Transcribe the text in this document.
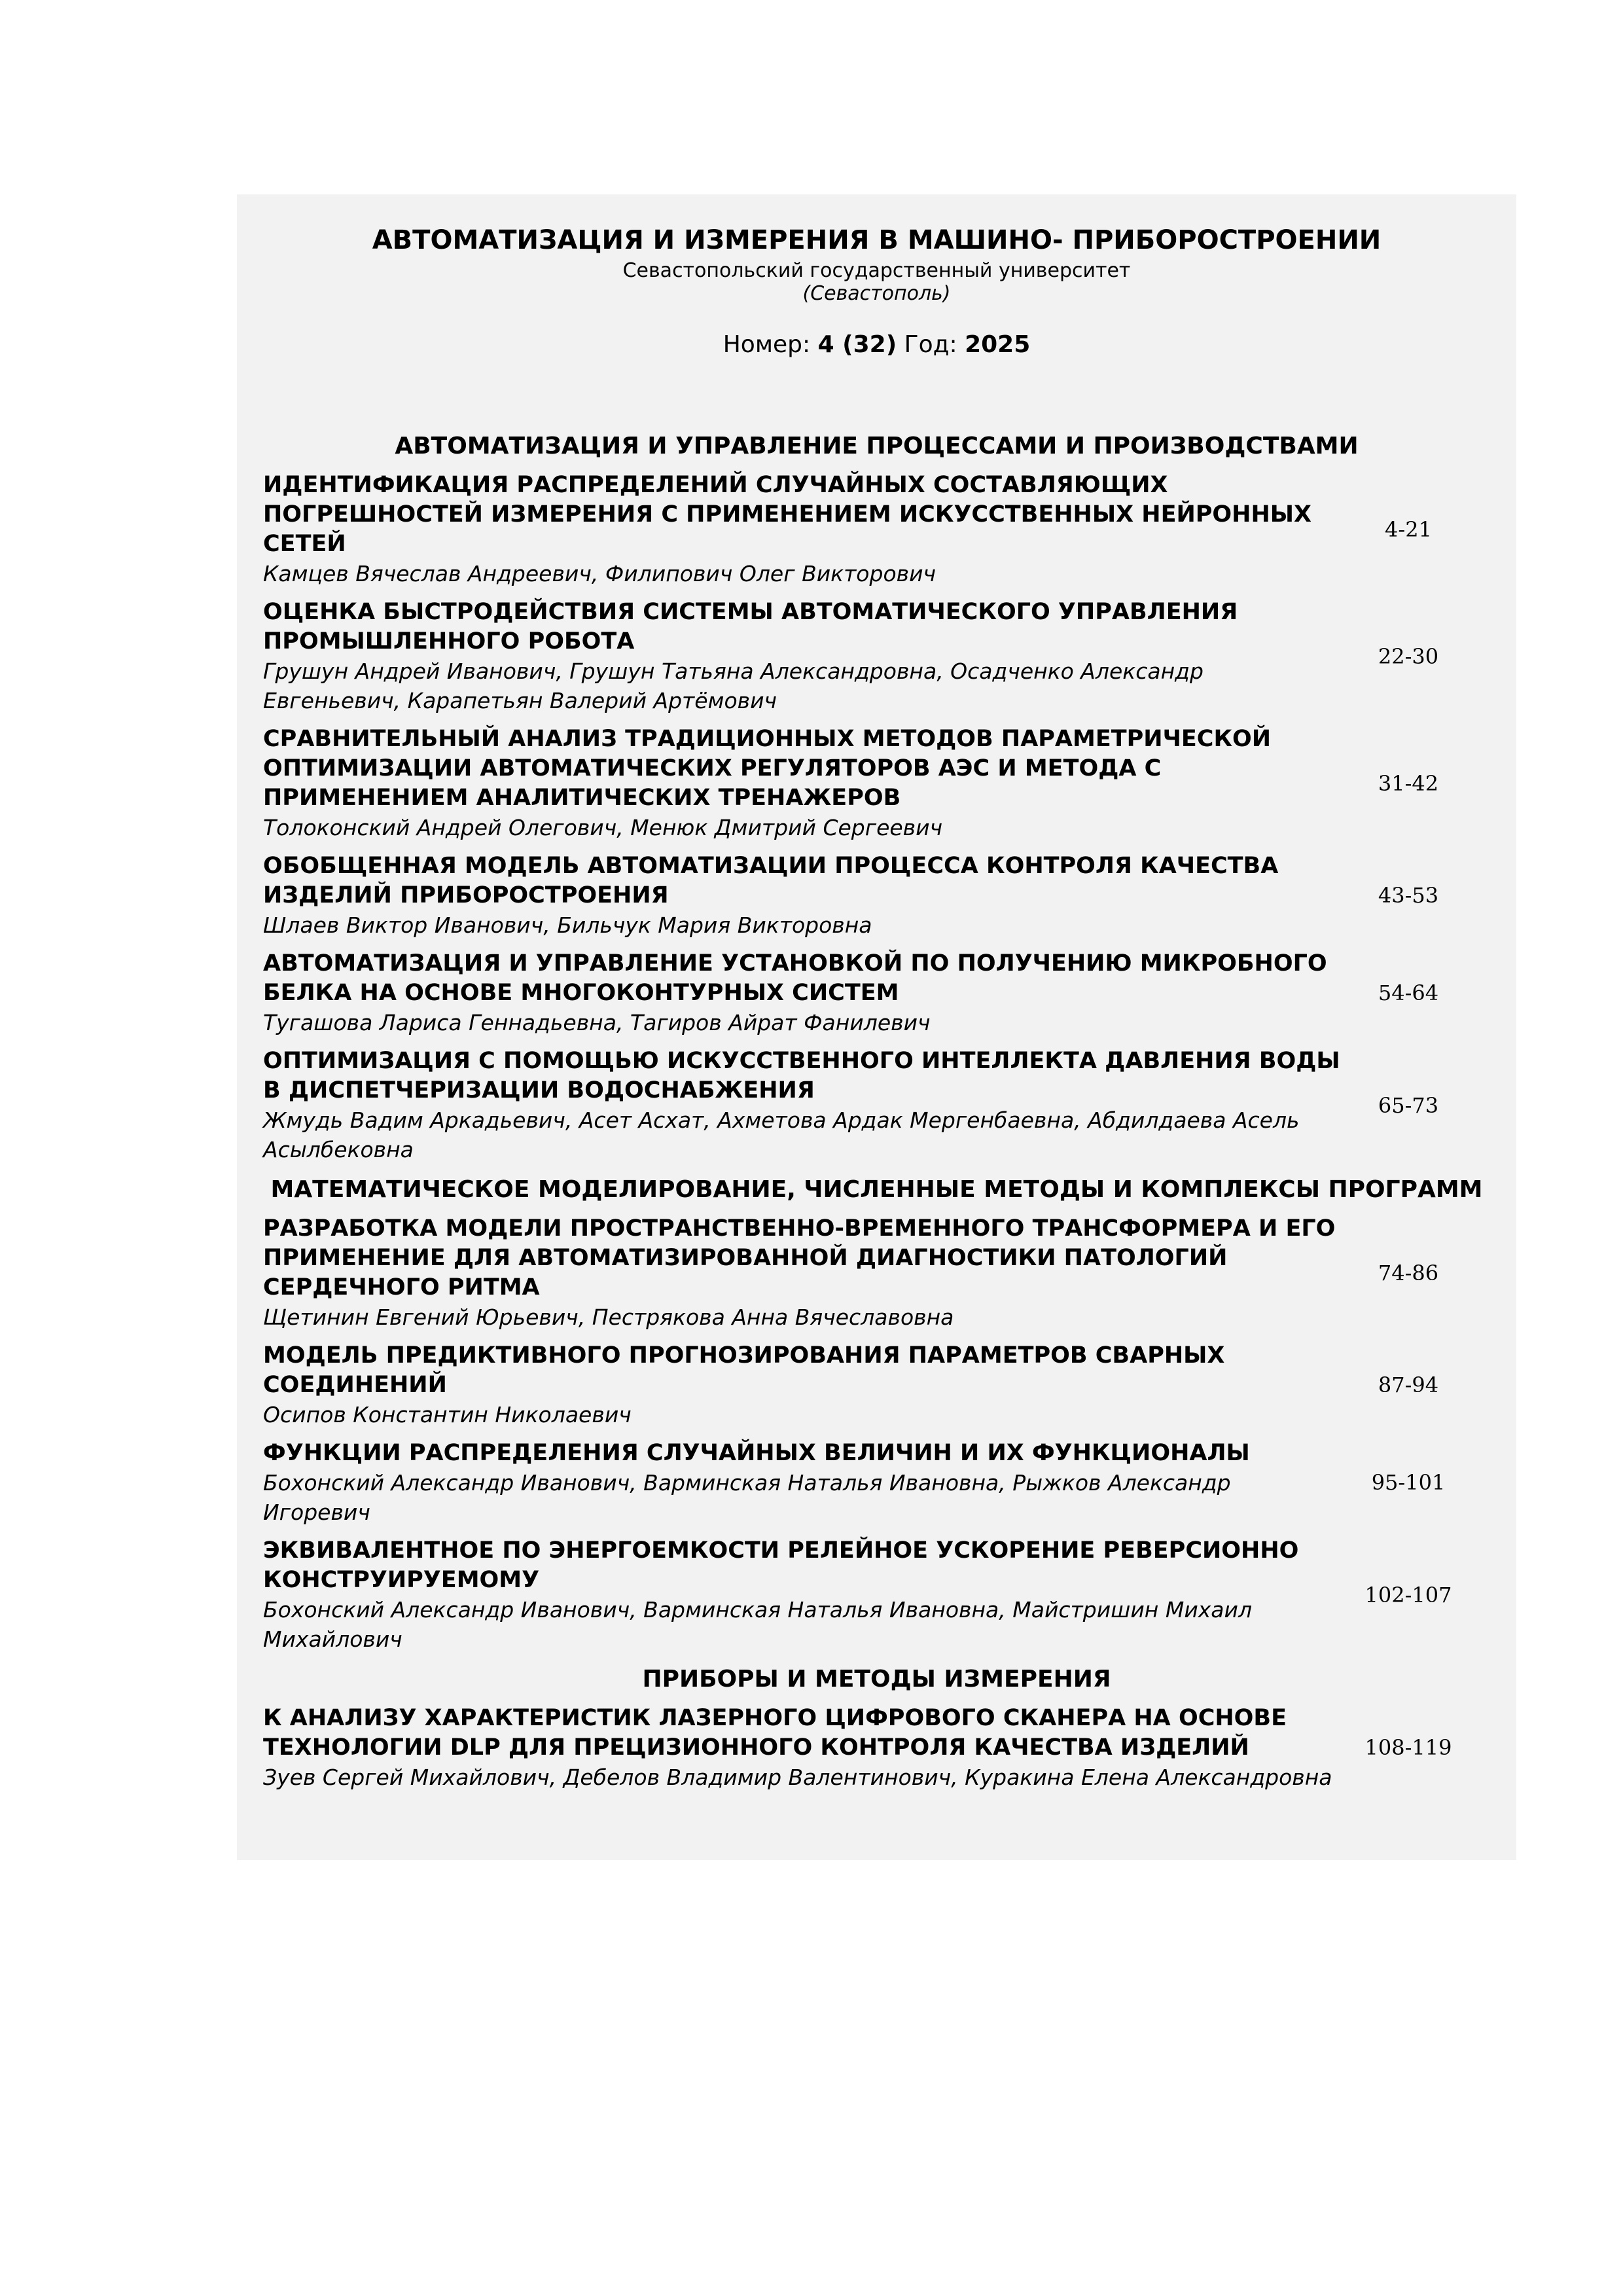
АВТОМАТИЗАЦИЯ И ИЗМЕРЕНИЯ В МАШИНО- ПРИБОРОСТРОЕНИИ
Севастопольский государственный университет
(Севастополь)
Номер: 4 (32) Год: 2025
АВТОМАТИЗАЦИЯ И УПРАВЛЕНИЕ ПРОЦЕССАМИ И ПРОИЗВОДСТВАМИ
ИДЕНТИФИКАЦИЯ РАСПРЕДЕЛЕНИЙ СЛУЧАЙНЫХ СОСТАВЛЯЮЩИХ ПОГРЕШНОСТЕЙ ИЗМЕРЕНИЯ С ПРИМЕНЕНИЕМ ИСКУССТВЕННЫХ НЕЙРОННЫХ СЕТЕЙ
Камцев Вячеслав Андреевич, Филипович Олег Викторович
4-21
ОЦЕНКА БЫСТРОДЕЙСТВИЯ СИСТЕМЫ АВТОМАТИЧЕСКОГО УПРАВЛЕНИЯ ПРОМЫШЛЕННОГО РОБОТА
Грушун Андрей Иванович, Грушун Татьяна Александровна, Осадченко Александр Евгеньевич, Карапетьян Валерий Артёмович
22-30
СРАВНИТЕЛЬНЫЙ АНАЛИЗ ТРАДИЦИОННЫХ МЕТОДОВ ПАРАМЕТРИЧЕСКОЙ ОПТИМИЗАЦИИ АВТОМАТИЧЕСКИХ РЕГУЛЯТОРОВ АЭС И МЕТОДА С ПРИМЕНЕНИЕМ АНАЛИТИЧЕСКИХ ТРЕНАЖЕРОВ
Толоконский Андрей Олегович, Менюк Дмитрий Сергеевич
31-42
ОБОБЩЕННАЯ МОДЕЛЬ АВТОМАТИЗАЦИИ ПРОЦЕССА КОНТРОЛЯ КАЧЕСТВА ИЗДЕЛИЙ ПРИБОРОСТРОЕНИЯ
Шлаев Виктор Иванович, Бильчук Мария Викторовна
43-53
АВТОМАТИЗАЦИЯ И УПРАВЛЕНИЕ УСТАНОВКОЙ ПО ПОЛУЧЕНИЮ МИКРОБНОГО БЕЛКА НА ОСНОВЕ МНОГОКОНТУРНЫХ СИСТЕМ
Тугашова Лариса Геннадьевна, Тагиров Айрат Фанилевич
54-64
ОПТИМИЗАЦИЯ С ПОМОЩЬЮ ИСКУССТВЕННОГО ИНТЕЛЛЕКТА ДАВЛЕНИЯ ВОДЫ В ДИСПЕТЧЕРИЗАЦИИ ВОДОСНАБЖЕНИЯ
Жмудь Вадим Аркадьевич, Асет Асхат, Ахметова Ардак Мергенбаевна, Абдилдаева Асель Асылбековна
65-73
МАТЕМАТИЧЕСКОЕ МОДЕЛИРОВАНИЕ, ЧИСЛЕННЫЕ МЕТОДЫ И КОМПЛЕКСЫ ПРОГРАММ
РАЗРАБОТКА МОДЕЛИ ПРОСТРАНСТВЕННО-ВРЕМЕННОГО ТРАНСФОРМЕРА И ЕГО ПРИМЕНЕНИЕ ДЛЯ АВТОМАТИЗИРОВАННОЙ ДИАГНОСТИКИ ПАТОЛОГИЙ СЕРДЕЧНОГО РИТМА
Щетинин Евгений Юрьевич, Пестрякова Анна Вячеславовна
74-86
МОДЕЛЬ ПРЕДИКТИВНОГО ПРОГНОЗИРОВАНИЯ ПАРАМЕТРОВ СВАРНЫХ СОЕДИНЕНИЙ
Осипов Константин Николаевич
87-94
ФУНКЦИИ РАСПРЕДЕЛЕНИЯ СЛУЧАЙНЫХ ВЕЛИЧИН И ИХ ФУНКЦИОНАЛЫ
Бохонский Александр Иванович, Варминская Наталья Ивановна, Рыжков Александр Игоревич
95-101
ЭКВИВАЛЕНТНОЕ ПО ЭНЕРГОЕМКОСТИ РЕЛЕЙНОЕ УСКОРЕНИЕ РЕВЕРСИОННО КОНСТРУИРУЕМОМУ
Бохонский Александр Иванович, Варминская Наталья Ивановна, Майстришин Михаил Михайлович
102-107
ПРИБОРЫ И МЕТОДЫ ИЗМЕРЕНИЯ
К АНАЛИЗУ ХАРАКТЕРИСТИК ЛАЗЕРНОГО ЦИФРОВОГО СКАНЕРА НА ОСНОВЕ ТЕХНОЛОГИИ DLP ДЛЯ ПРЕЦИЗИОННОГО КОНТРОЛЯ КАЧЕСТВА ИЗДЕЛИЙ
Зуев Сергей Михайлович, Дебелов Владимир Валентинович, Куракина Елена Александровна
108-119
